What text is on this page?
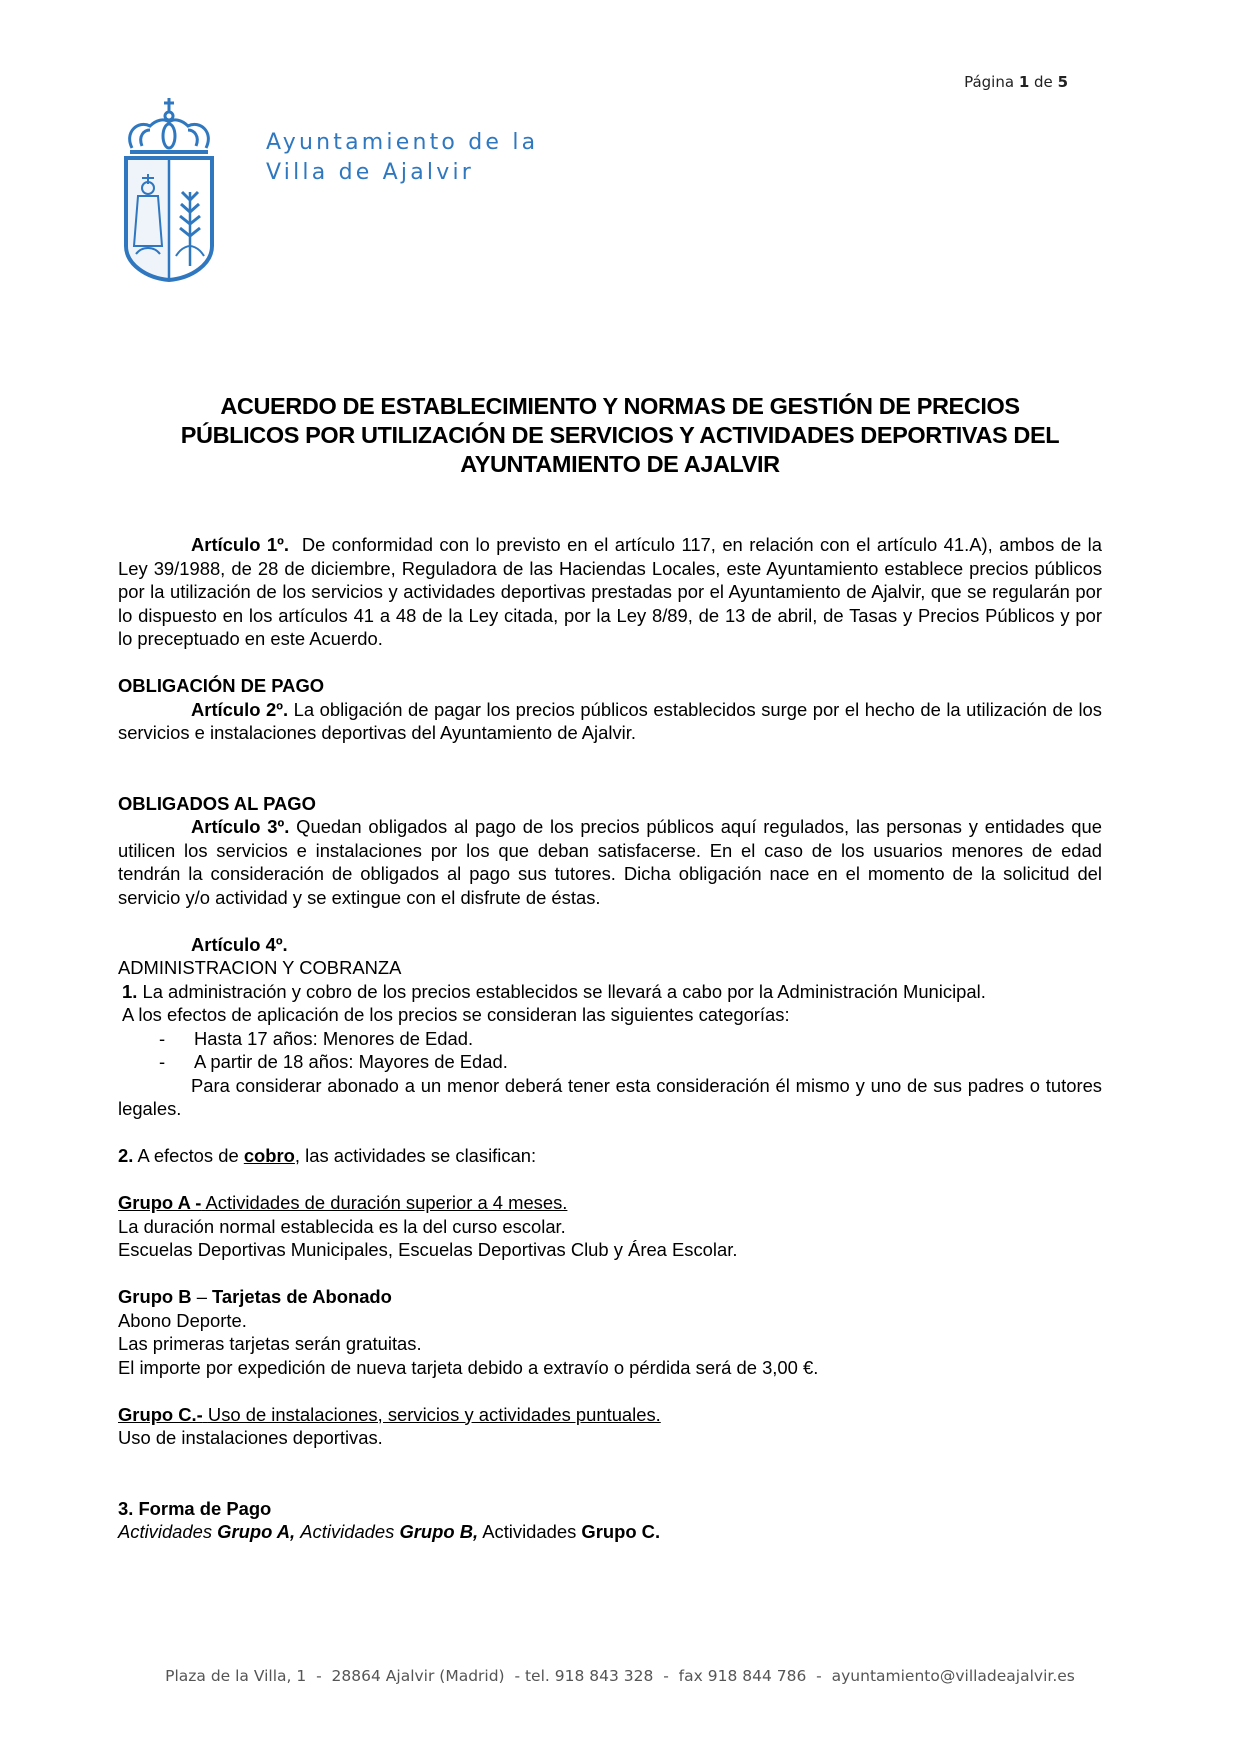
Página 1 de 5
Ayuntamiento de la
Villa de Ajalvir
ACUERDO DE ESTABLECIMIENTO Y NORMAS DE GESTIÓN DE PRECIOS
PÚBLICOS POR UTILIZACIÓN DE SERVICIOS Y ACTIVIDADES DEPORTIVAS DEL
AYUNTAMIENTO DE AJALVIR

Artículo 1º. De conformidad con lo previsto en el artículo 117, en relación con el artículo 41.A), ambos de la Ley 39/1988, de 28 de diciembre, Reguladora de las Haciendas Locales, este Ayuntamiento establece precios públicos por la utilización de los servicios y actividades deportivas prestadas por el Ayuntamiento de Ajalvir, que se regularán por lo dispuesto en los artículos 41 a 48 de la Ley citada, por la Ley 8/89, de 13 de abril, de Tasas y Precios Públicos y por lo preceptuado en este Acuerdo.

OBLIGACIÓN DE PAGO

Artículo 2º. La obligación de pagar los precios públicos establecidos surge por el hecho de la utilización de los servicios e instalaciones deportivas del Ayuntamiento de Ajalvir.

OBLIGADOS AL PAGO

Artículo 3º. Quedan obligados al pago de los precios públicos aquí regulados, las personas y entidades que utilicen los servicios e instalaciones por los que deban satisfacerse. En el caso de los usuarios menores de edad tendrán la consideración de obligados al pago sus tutores. Dicha obligación nace en el momento de la solicitud del servicio y/o actividad y se extingue con el disfrute de éstas.

Artículo 4º.

ADMINISTRACION Y COBRANZA

1. La administración y cobro de los precios establecidos se llevará a cabo por la Administración Municipal.

A los efectos de aplicación de los precios se consideran las siguientes categorías:

- Hasta 17 años: Menores de Edad.

- A partir de 18 años: Mayores de Edad.

Para considerar abonado a un menor deberá tener esta consideración él mismo y uno de sus padres o tutores legales.

2. A efectos de cobro, las actividades se clasifican:

Grupo A - Actividades de duración superior a 4 meses.

La duración normal establecida es la del curso escolar.

Escuelas Deportivas Municipales, Escuelas Deportivas Club y Área Escolar.

Grupo B – Tarjetas de Abonado

Abono Deporte.

Las primeras tarjetas serán gratuitas.

El importe por expedición de nueva tarjeta debido a extravío o pérdida será de 3,00 €.

Grupo C.- Uso de instalaciones, servicios y actividades puntuales.

Uso de instalaciones deportivas.

3. Forma de Pago

Actividades Grupo A, Actividades Grupo B, Actividades Grupo C.

Plaza de la Villa, 1  -  28864 Ajalvir (Madrid)  - tel. 918 843 328  -  fax 918 844 786  -  ayuntamiento@villadeajalvir.es
